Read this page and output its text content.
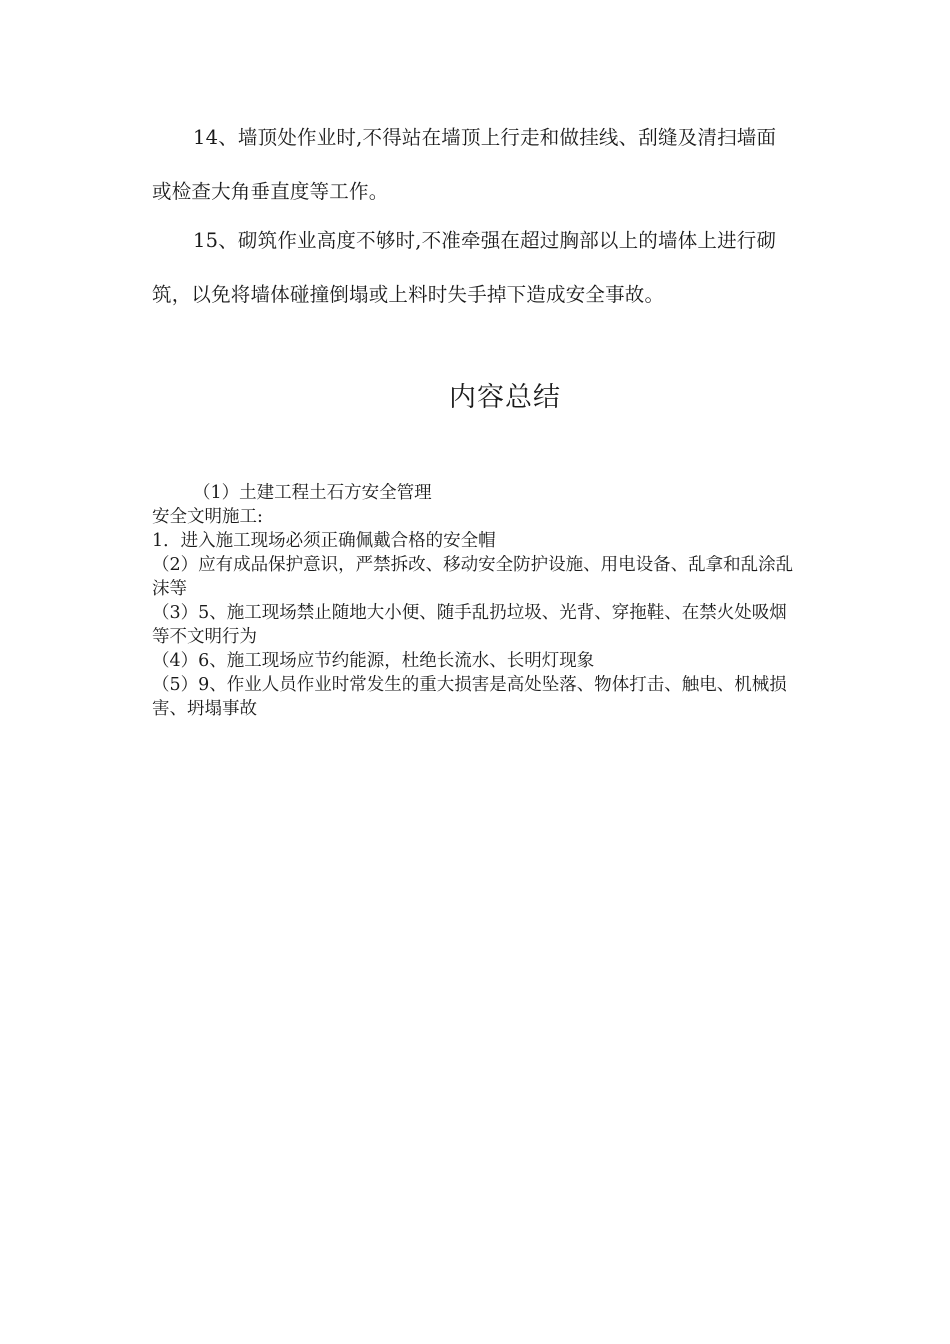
14、墙顶处作业时,不得站在墙顶上行走和做挂线、刮缝及清扫墙面或检查大角垂直度等工作。

15、砌筑作业高度不够时,不准牵强在超过胸部以上的墙体上进行砌筑，以免将墙体碰撞倒塌或上料时失手掉下造成安全事故。

内容总结
（1）土建工程土石方安全管理
安全文明施工:
1．进入施工现场必须正确佩戴合格的安全帽
（2）应有成品保护意识，严禁拆改、移动安全防护设施、用电设备、乱拿和乱涂乱沫等
（3）5、施工现场禁止随地大小便、随手乱扔垃圾、光背、穿拖鞋、在禁火处吸烟等不文明行为
（4）6、施工现场应节约能源，杜绝长流水、长明灯现象
（5）9、作业人员作业时常发生的重大损害是高处坠落、物体打击、触电、机械损害、坍塌事故
